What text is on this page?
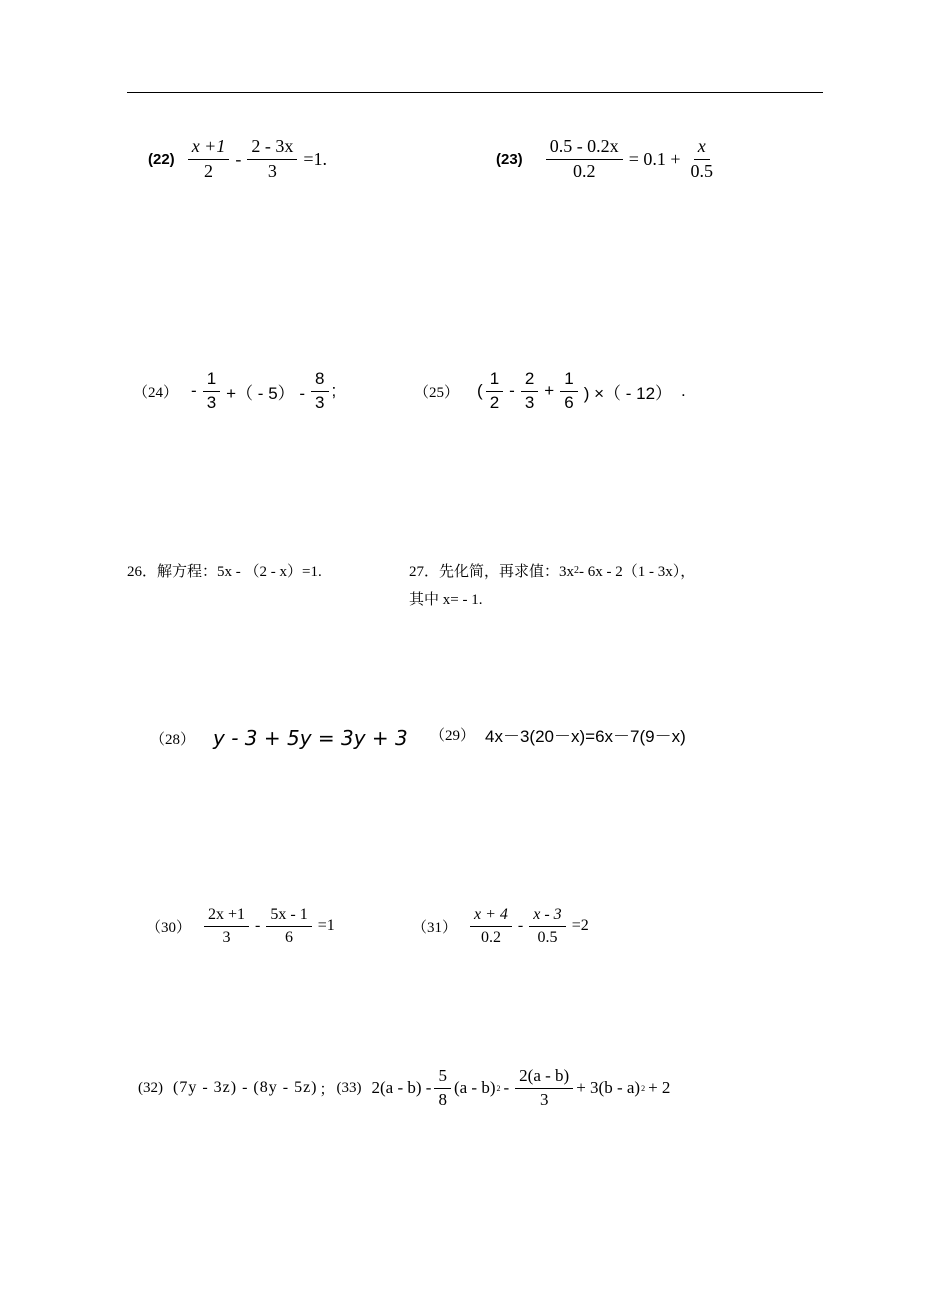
$(22) \frac{x +1}{2} - \frac{2 - 3x}{3} =1$.	$(23) \frac{0.5 - 0.2x}{0.2} = 0.1 + \frac{x}{0.5}$
$(24) - \frac{1}{3}$ +（ - $5) - \frac{8}{3}$ ;	（25） ( $\frac{1}{2} - \frac{2}{3} + \frac{1}{6}$ ) ×（ - 12） .
26．解方程：5x - （2 - x）=1.	27．先化简，再求值：3x 2 - 6x - 2（1 - 3x），
其中 x= - 1.
（28） y - 3 + 5y = 3y + 3 （29） 4x－3(20－x)=6x－7(9－x)
$(30) \frac{2x +1}{3} - \frac{5x - 1}{6} =1$	$(31) \frac{x + 4}{0.2} - \frac{x - 3}{0.5} =2$
(32) (7y - 3z) - (8y - 5z) ； (33) $2(a - b) - \frac{5}{8} (a - b)$ $2 - \frac{2(a - b)}{3} + 3(b - a) 2 + 2$
